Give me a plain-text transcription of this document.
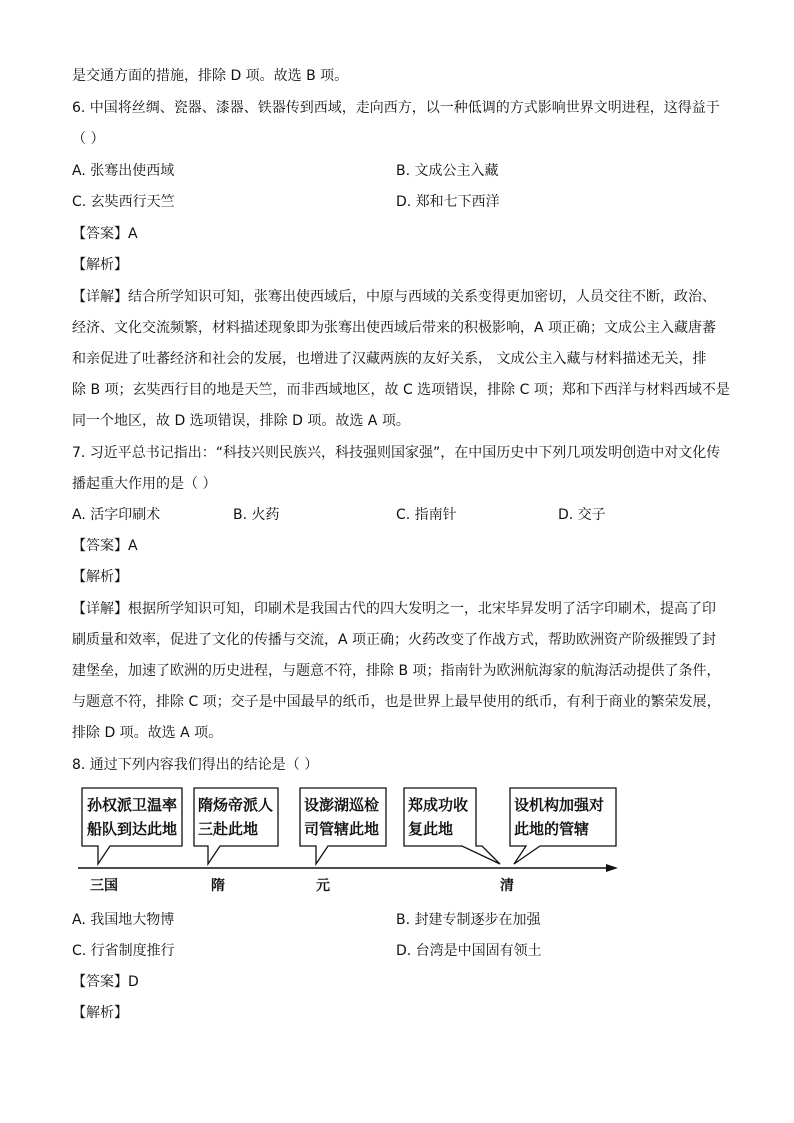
是交通方面的措施，排除 D 项。故选 B 项。
6. 中国将丝绸、瓷器、漆器、铁器传到西域，走向西方，以一种低调的方式影响世界文明进程，这得益于
（ ）
A. 张骞出使西域	B. 文成公主入藏
C. 玄奘西行天竺	D. 郑和七下西洋
【答案】A
【解析】
【详解】结合所学知识可知，张骞出使西域后，中原与西域的关系变得更加密切，人员交往不断，政治、
经济、文化交流频繁，材料描述现象即为张骞出使西域后带来的积极影响，A 项正确；文成公主入藏唐蕃
和亲促进了吐蕃经济和社会的发展，也增进了汉藏两族的友好关系， 文成公主入藏与材料描述无关，排
除 B 项；玄奘西行目的地是天竺，而非西域地区，故 C 选项错误，排除 C 项；郑和下西洋与材料西域不是
同一个地区，故 D 选项错误，排除 D 项。故选 A 项。
7. 习近平总书记指出：“科技兴则民族兴，科技强则国家强”，在中国历史中下列几项发明创造中对文化传
播起重大作用的是（ ）
A. 活字印刷术	B. 火药	C. 指南针	D. 交子
【答案】A
【解析】
【详解】根据所学知识可知，印刷术是我国古代的四大发明之一，北宋毕昇发明了活字印刷术，提高了印
刷质量和效率，促进了文化的传播与交流，A 项正确；火药改变了作战方式，帮助欧洲资产阶级摧毁了封
建堡垒，加速了欧洲的历史进程，与题意不符，排除 B 项；指南针为欧洲航海家的航海活动提供了条件，
与题意不符，排除 C 项；交子是中国最早的纸币，也是世界上最早使用的纸币，有利于商业的繁荣发展，
排除 D 项。故选 A 项。
8. 通过下列内容我们得出的结论是（ ）
孙权派卫温率
船队到达此地
隋炀帝派人
三赴此地
设澎湖巡检
司管辖此地
郑成功收
复此地
设机构加强对
此地的管辖
三国	隋	元	清
A. 我国地大物博	B. 封建专制逐步在加强
C. 行省制度推行	D. 台湾是中国固有领土
【答案】D
【解析】
